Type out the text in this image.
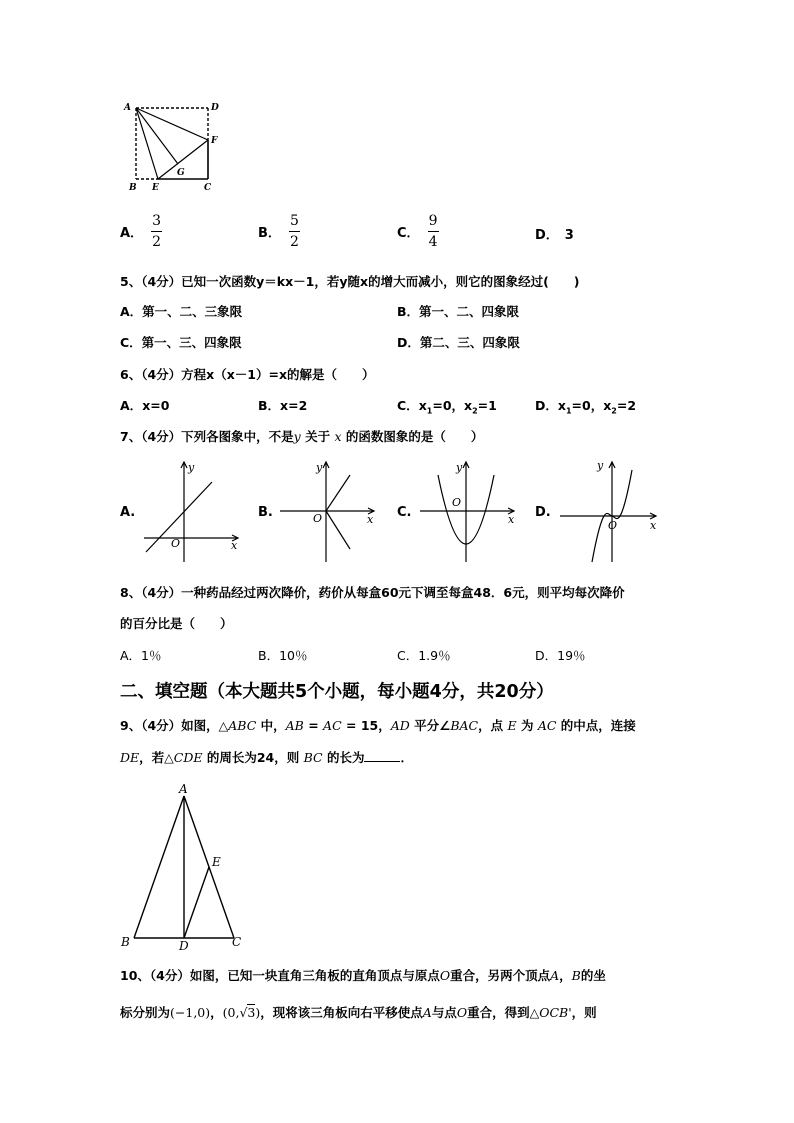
A	D
F
G
B E	C
A． $\frac{3}{2}$	B． $\frac{5}{2}$	C． $\frac{9}{4}$	D． 3
5、（4分）已知一次函数y＝kx－1，若y随x的增大而减小，则它的图象经过(　　)
A．第一、二、三象限	B．第一、二、四象限
C．第一、三、四象限	D．第二、三、四象限
6、（4分）方程x（x－1）=x的解是（　　）
A．x=0	B．x=2	C．$x_1=0$，$x_2=1$	D．$x_1=0$，$x_2=2$
7、（4分）下列各图象中，不是y 关于 x 的函数图象的是（　　）
A.
x
y
O
B.	x
y
O	C.	x
y
O
D.
x
y
O
8、（4分）一种药品经过两次降价，药价从每盒60元下调至每盒48．6元，则平均每次降价
的百分比是（　　）
A．1％	B．10％	C．1.9％	D．19％
二、填空题（本大题共5个小题，每小题4分，共20分）
9、（4分）如图，△ABC 中，AB = AC = 15，AD 平分∠BAC，点 E 为 AC 的中点，连接
DE，若△CDE 的周长为24，则 BC 的长为	．
A
E
B	D	C
10、（4分）如图，已知一块直角三角板的直角顶点与原点O重合，另两个顶点A，B的坐
标分别为(−1,0)，(0,√3)，现将该三角板向右平移使点A与点O重合，得到△OCB'，则
